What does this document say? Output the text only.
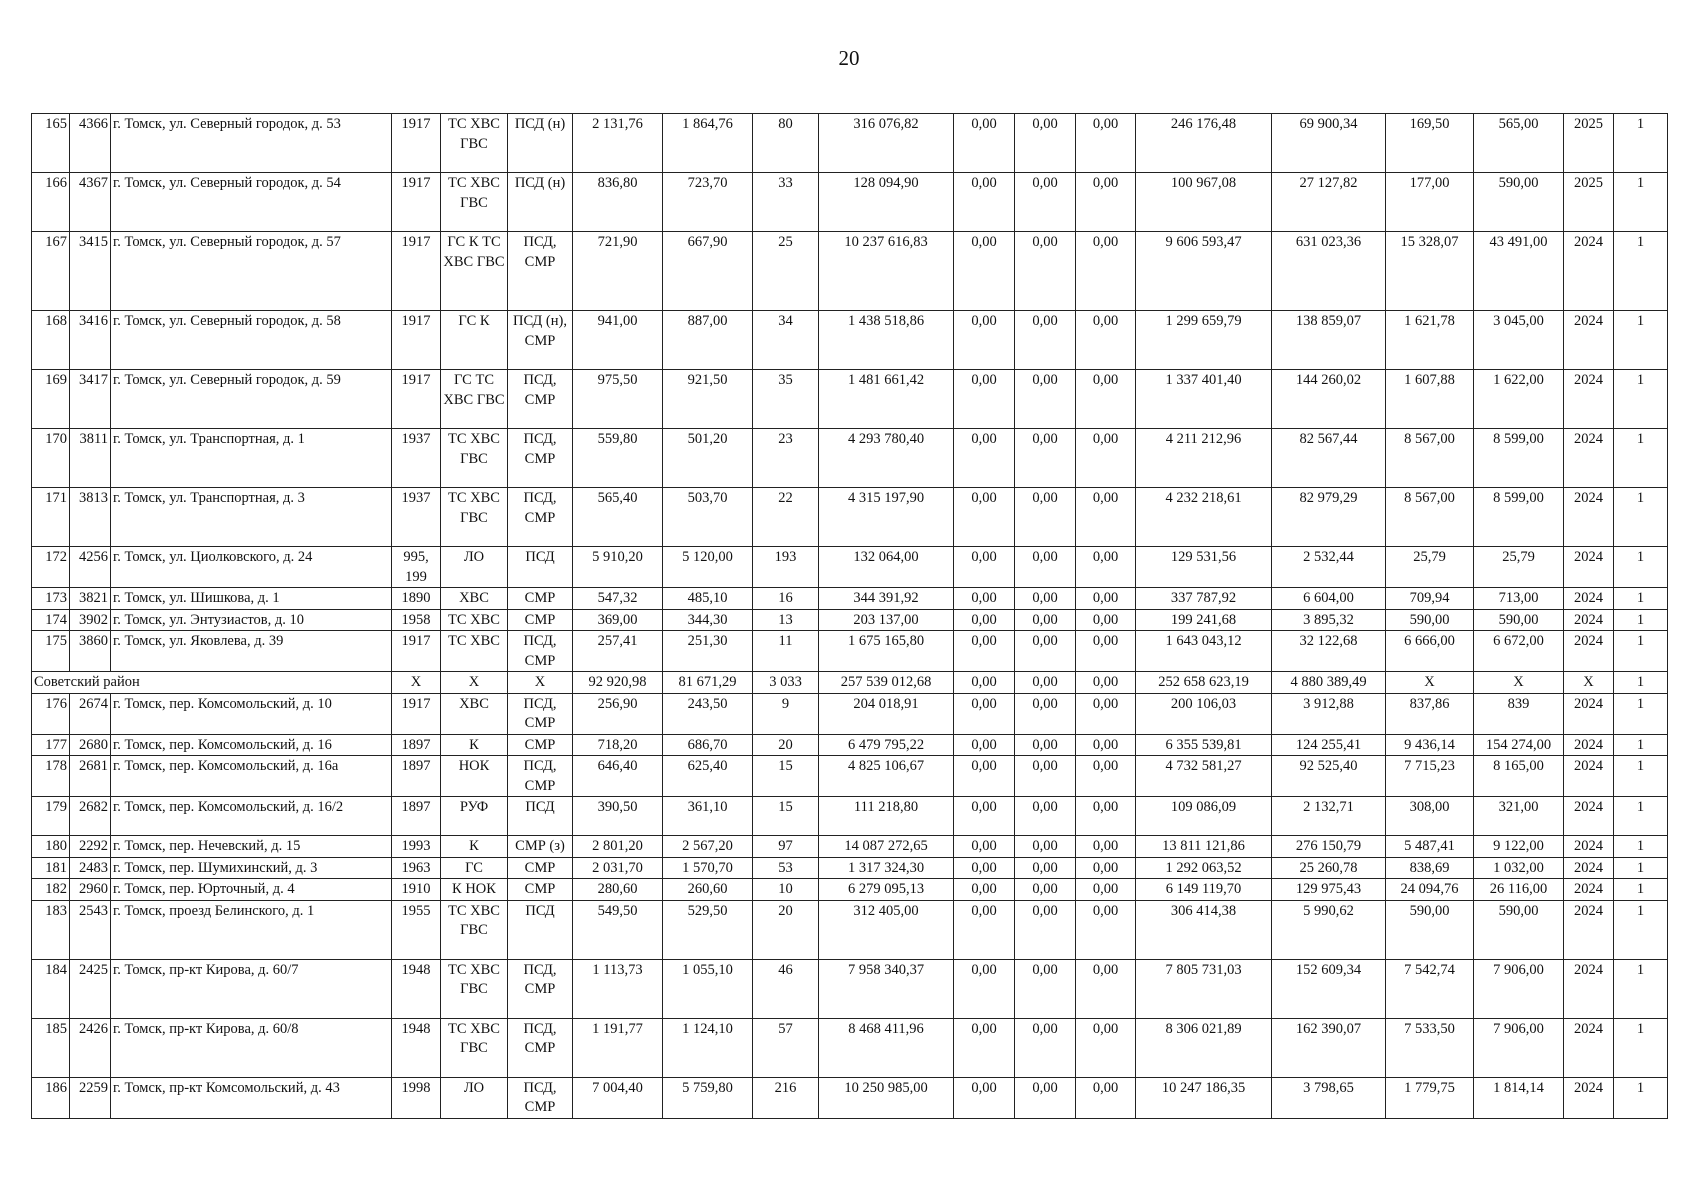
20
165	4366	г. Томск, ул. Северный городок, д. 53	1917	ТС ХВС ГВС	ПСД (н)	2 131,76	1 864,76	80	316 076,82	0,00	0,00	0,00	246 176,48	69 900,34	169,50	565,00	2025	1
166	4367	г. Томск, ул. Северный городок, д. 54	1917	ТС ХВС ГВС	ПСД (н)	836,80	723,70	33	128 094,90	0,00	0,00	0,00	100 967,08	27 127,82	177,00	590,00	2025	1
167	3415	г. Томск, ул. Северный городок, д. 57	1917	ГС К ТС ХВС ГВС	ПСД, СМР	721,90	667,90	25	10 237 616,83	0,00	0,00	0,00	9 606 593,47	631 023,36	15 328,07	43 491,00	2024	1
168	3416	г. Томск, ул. Северный городок, д. 58	1917	ГС К	ПСД (н), СМР	941,00	887,00	34	1 438 518,86	0,00	0,00	0,00	1 299 659,79	138 859,07	1 621,78	3 045,00	2024	1
169	3417	г. Томск, ул. Северный городок, д. 59	1917	ГС ТС ХВС ГВС	ПСД, СМР	975,50	921,50	35	1 481 661,42	0,00	0,00	0,00	1 337 401,40	144 260,02	1 607,88	1 622,00	2024	1
170	3811	г. Томск, ул. Транспортная, д. 1	1937	ТС ХВС ГВС	ПСД, СМР	559,80	501,20	23	4 293 780,40	0,00	0,00	0,00	4 211 212,96	82 567,44	8 567,00	8 599,00	2024	1
171	3813	г. Томск, ул. Транспортная, д. 3	1937	ТС ХВС ГВС	ПСД, СМР	565,40	503,70	22	4 315 197,90	0,00	0,00	0,00	4 232 218,61	82 979,29	8 567,00	8 599,00	2024	1
172	4256	г. Томск, ул. Циолковского, д. 24	995, 199	ЛО	ПСД	5 910,20	5 120,00	193	132 064,00	0,00	0,00	0,00	129 531,56	2 532,44	25,79	25,79	2024	1
173	3821	г. Томск, ул. Шишкова, д. 1	1890	ХВС	СМР	547,32	485,10	16	344 391,92	0,00	0,00	0,00	337 787,92	6 604,00	709,94	713,00	2024	1
174	3902	г. Томск, ул. Энтузиастов, д. 10	1958	ТС ХВС	СМР	369,00	344,30	13	203 137,00	0,00	0,00	0,00	199 241,68	3 895,32	590,00	590,00	2024	1
175	3860	г. Томск, ул. Яковлева, д. 39	1917	ТС ХВС	ПСД, СМР	257,41	251,30	11	1 675 165,80	0,00	0,00	0,00	1 643 043,12	32 122,68	6 666,00	6 672,00	2024	1
Советский район			X	X	X	92 920,98	81 671,29	3 033	257 539 012,68	0,00	0,00	0,00	252 658 623,19	4 880 389,49	X	X	X	1
176	2674	г. Томск, пер. Комсомольский, д. 10	1917	ХВС	ПСД, СМР	256,90	243,50	9	204 018,91	0,00	0,00	0,00	200 106,03	3 912,88	837,86	839	2024	1
177	2680	г. Томск, пер. Комсомольский, д. 16	1897	К	СМР	718,20	686,70	20	6 479 795,22	0,00	0,00	0,00	6 355 539,81	124 255,41	9 436,14	154 274,00	2024	1
178	2681	г. Томск, пер. Комсомольский, д. 16а	1897	НОК	ПСД, СМР	646,40	625,40	15	4 825 106,67	0,00	0,00	0,00	4 732 581,27	92 525,40	7 715,23	8 165,00	2024	1
179	2682	г. Томск, пер. Комсомольский, д. 16/2	1897	РУФ	ПСД	390,50	361,10	15	111 218,80	0,00	0,00	0,00	109 086,09	2 132,71	308,00	321,00	2024	1
180	2292	г. Томск, пер. Нечевский, д. 15	1993	К	СМР (з)	2 801,20	2 567,20	97	14 087 272,65	0,00	0,00	0,00	13 811 121,86	276 150,79	5 487,41	9 122,00	2024	1
181	2483	г. Томск, пер. Шумихинский, д. 3	1963	ГС	СМР	2 031,70	1 570,70	53	1 317 324,30	0,00	0,00	0,00	1 292 063,52	25 260,78	838,69	1 032,00	2024	1
182	2960	г. Томск, пер. Юрточный, д. 4	1910	К НОК	СМР	280,60	260,60	10	6 279 095,13	0,00	0,00	0,00	6 149 119,70	129 975,43	24 094,76	26 116,00	2024	1
183	2543	г. Томск, проезд Белинского, д. 1	1955	ТС ХВС ГВС	ПСД	549,50	529,50	20	312 405,00	0,00	0,00	0,00	306 414,38	5 990,62	590,00	590,00	2024	1
184	2425	г. Томск, пр-кт Кирова, д. 60/7	1948	ТС ХВС ГВС	ПСД, СМР	1 113,73	1 055,10	46	7 958 340,37	0,00	0,00	0,00	7 805 731,03	152 609,34	7 542,74	7 906,00	2024	1
185	2426	г. Томск, пр-кт Кирова, д. 60/8	1948	ТС ХВС ГВС	ПСД, СМР	1 191,77	1 124,10	57	8 468 411,96	0,00	0,00	0,00	8 306 021,89	162 390,07	7 533,50	7 906,00	2024	1
186	2259	г. Томск, пр-кт Комсомольский, д. 43	1998	ЛО	ПСД, СМР	7 004,40	5 759,80	216	10 250 985,00	0,00	0,00	0,00	10 247 186,35	3 798,65	1 779,75	1 814,14	2024	1
